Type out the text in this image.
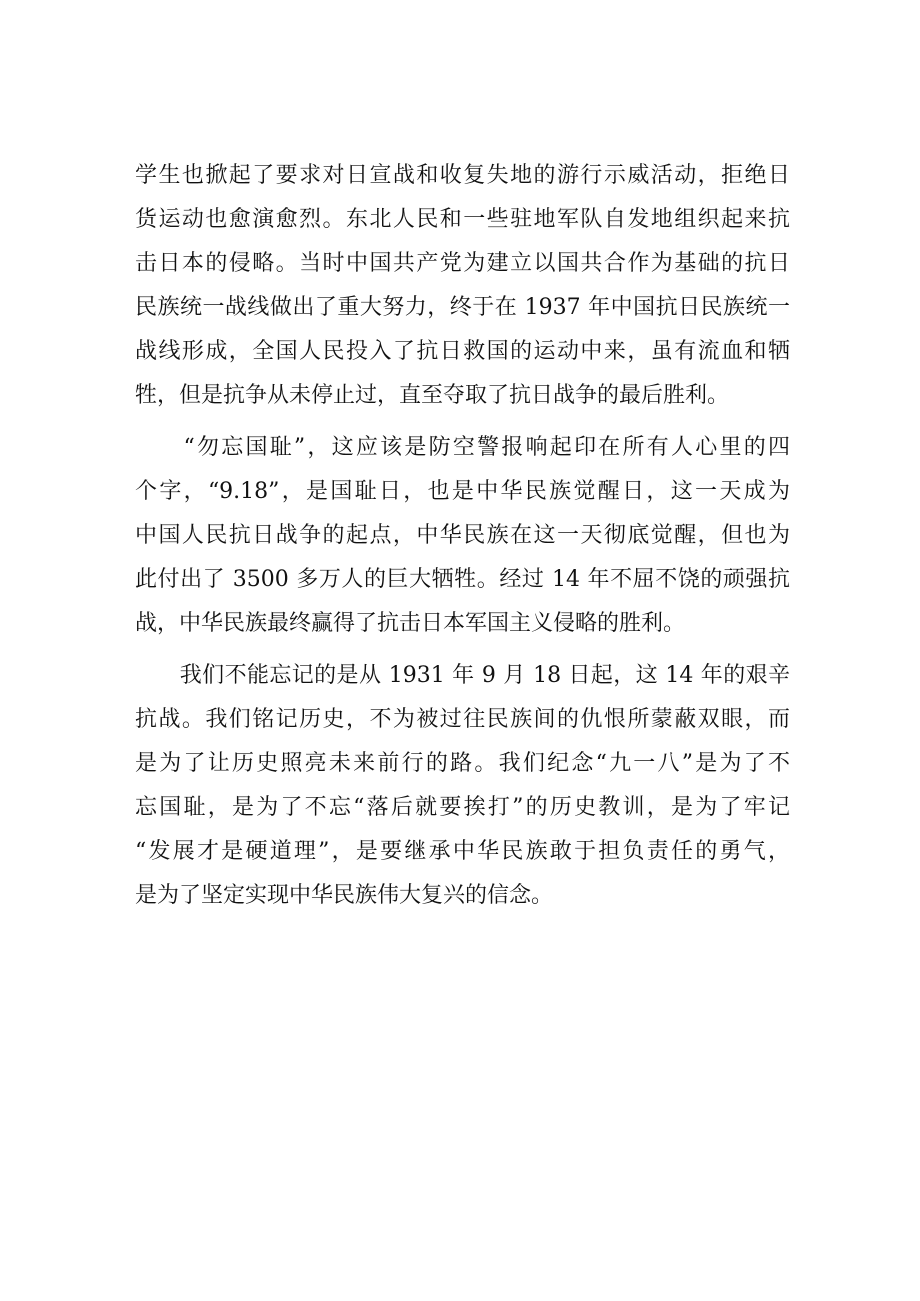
学生也掀起了要求对日宣战和收复失地的游行示威活动，拒绝日
货运动也愈演愈烈。东北人民和一些驻地军队自发地组织起来抗
击日本的侵略。当时中国共产党为建立以国共合作为基础的抗日
民族统一战线做出了重大努力，终于在 1937 年中国抗日民族统一
战线形成，全国人民投入了抗日救国的运动中来，虽有流血和牺
牲，但是抗争从未停止过，直至夺取了抗日战争的最后胜利。
　　“勿忘国耻”，这应该是防空警报响起印在所有人心里的四
个字，“9.18”，是国耻日，也是中华民族觉醒日，这一天成为
中国人民抗日战争的起点，中华民族在这一天彻底觉醒，但也为
此付出了 3500 多万人的巨大牺牲。经过 14 年不屈不饶的顽强抗
战，中华民族最终赢得了抗击日本军国主义侵略的胜利。
　　我们不能忘记的是从 1931 年 9 月 18 日起，这 14 年的艰辛
抗战。我们铭记历史，不为被过往民族间的仇恨所蒙蔽双眼，而
是为了让历史照亮未来前行的路。我们纪念“九一八”是为了不
忘国耻，是为了不忘“落后就要挨打”的历史教训，是为了牢记
“发展才是硬道理”，是要继承中华民族敢于担负责任的勇气，
是为了坚定实现中华民族伟大复兴的信念。
